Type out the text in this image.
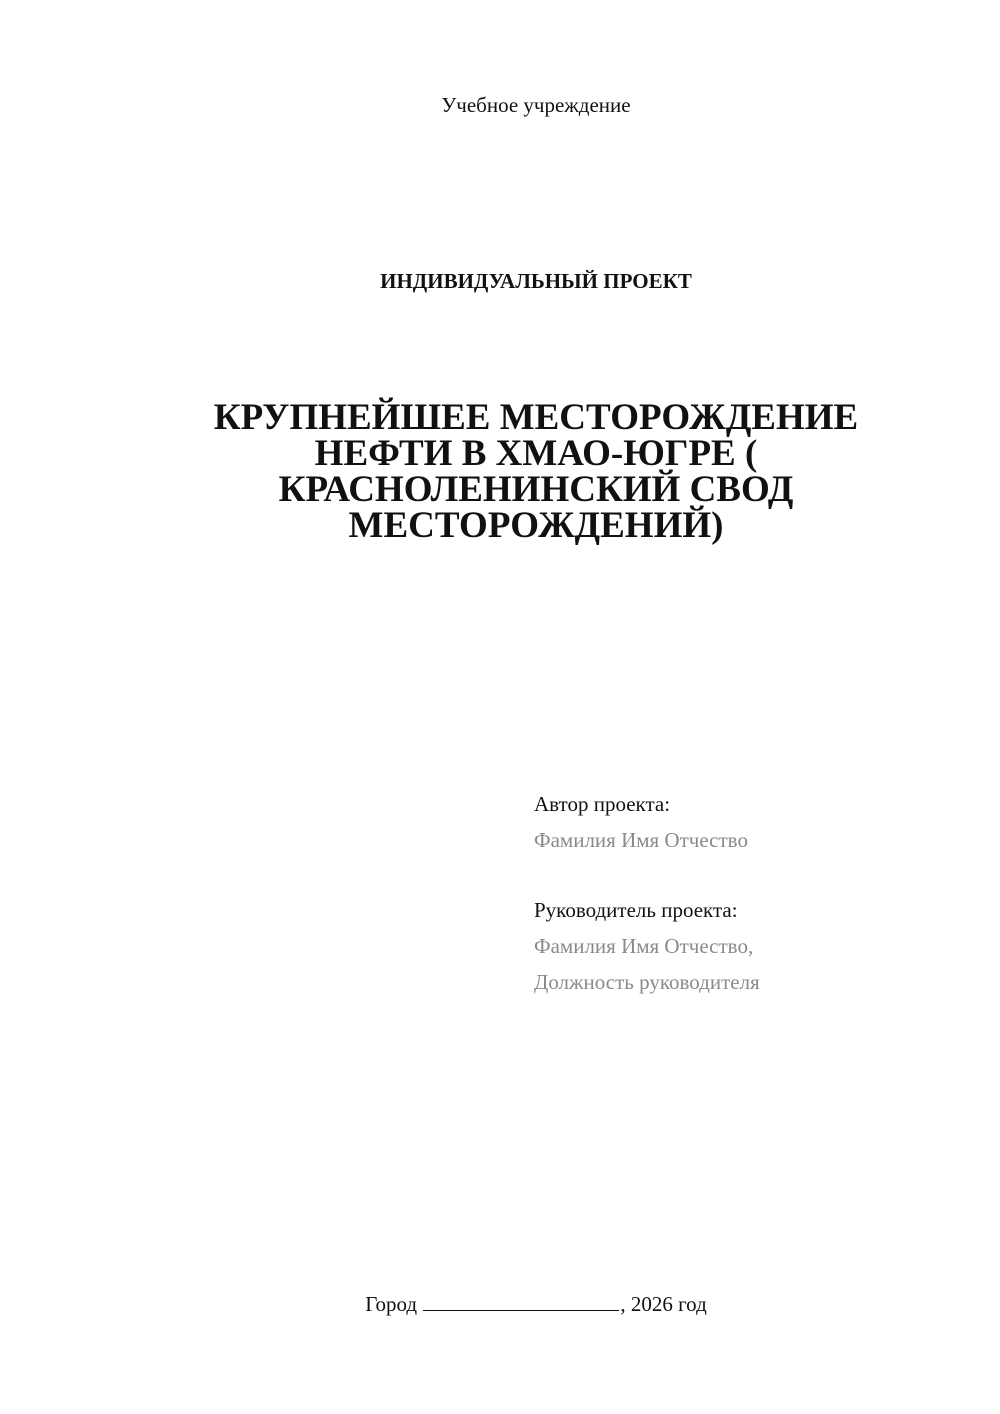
Учебное учреждение
ИНДИВИДУАЛЬНЫЙ ПРОЕКТ
КРУПНЕЙШЕЕ МЕСТОРОЖДЕНИЕ
НЕФТИ В ХМАО-ЮГРЕ (
КРАСНОЛЕНИНСКИЙ СВОД
МЕСТОРОЖДЕНИЙ)
Автор проекта:
Фамилия Имя Отчество
Руководитель проекта:
Фамилия Имя Отчество,
Должность руководителя
Город	, 2026 год
